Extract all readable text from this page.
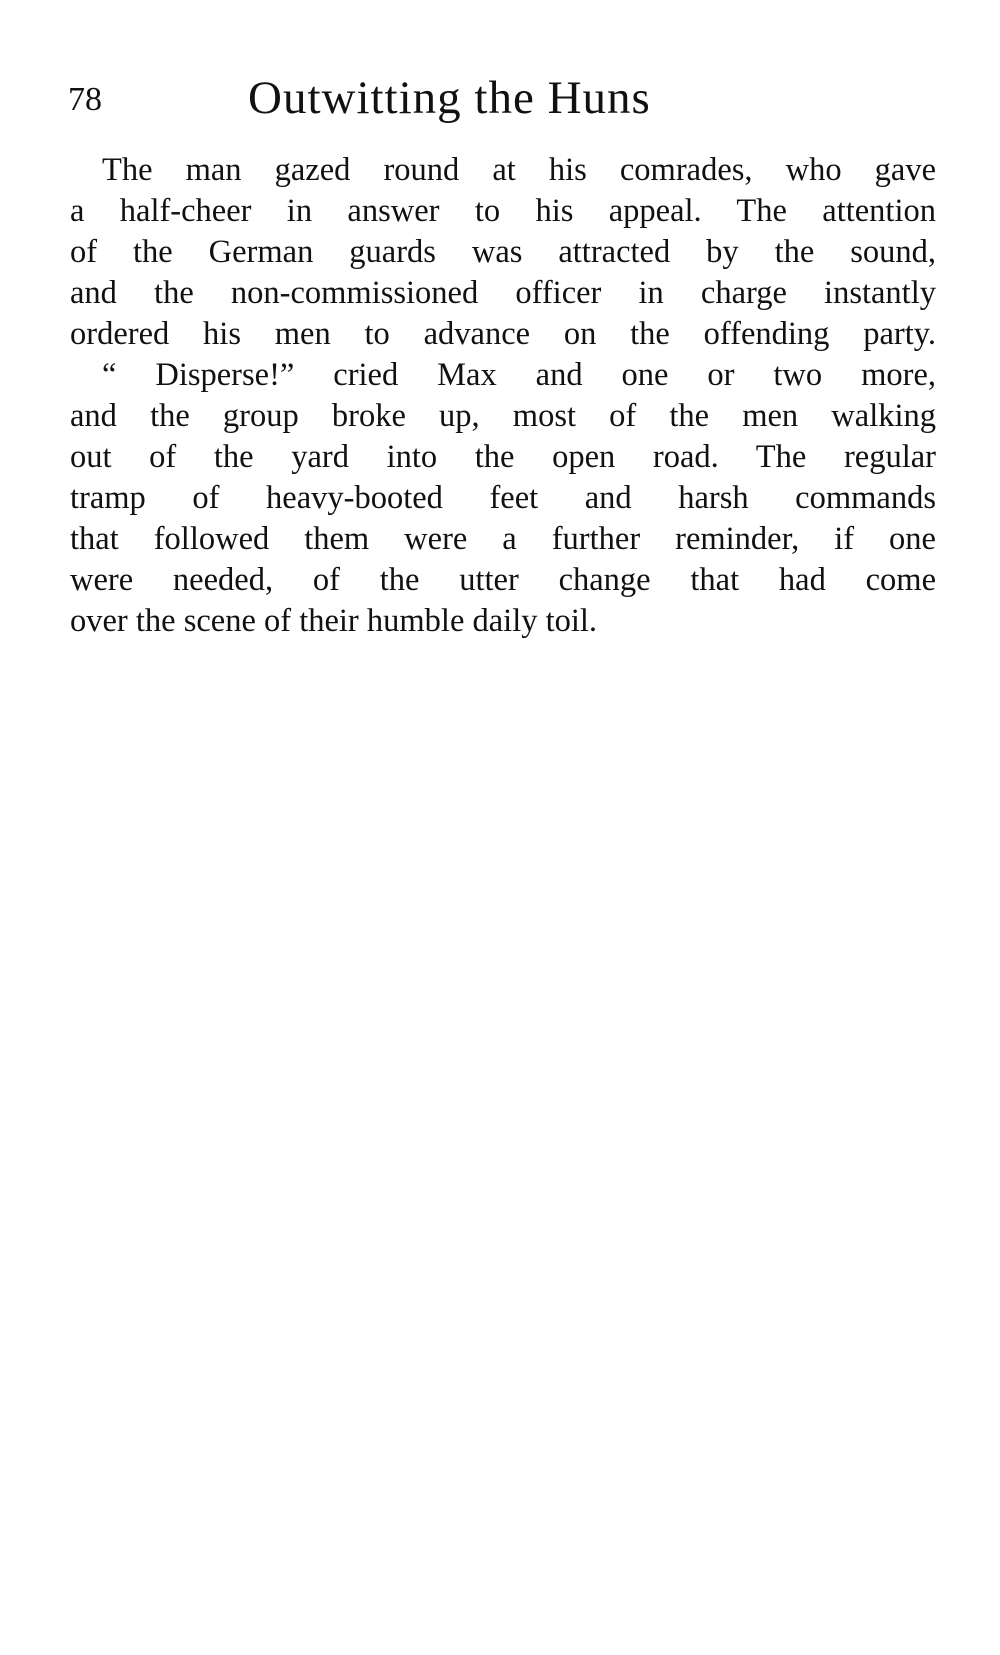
78	Outwitting the Huns
The man gazed round at his comrades, who gave
a half-cheer in answer to his appeal. The attention
of the German guards was attracted by the sound,
and the non-commissioned officer in charge instantly
ordered his men to advance on the offending party.
“ Disperse!” cried Max and one or two more,
and the group broke up, most of the men walking
out of the yard into the open road. The regular
tramp of heavy-booted feet and harsh commands
that followed them were a further reminder, if one
were needed, of the utter change that had come
over the scene of their humble daily toil.
